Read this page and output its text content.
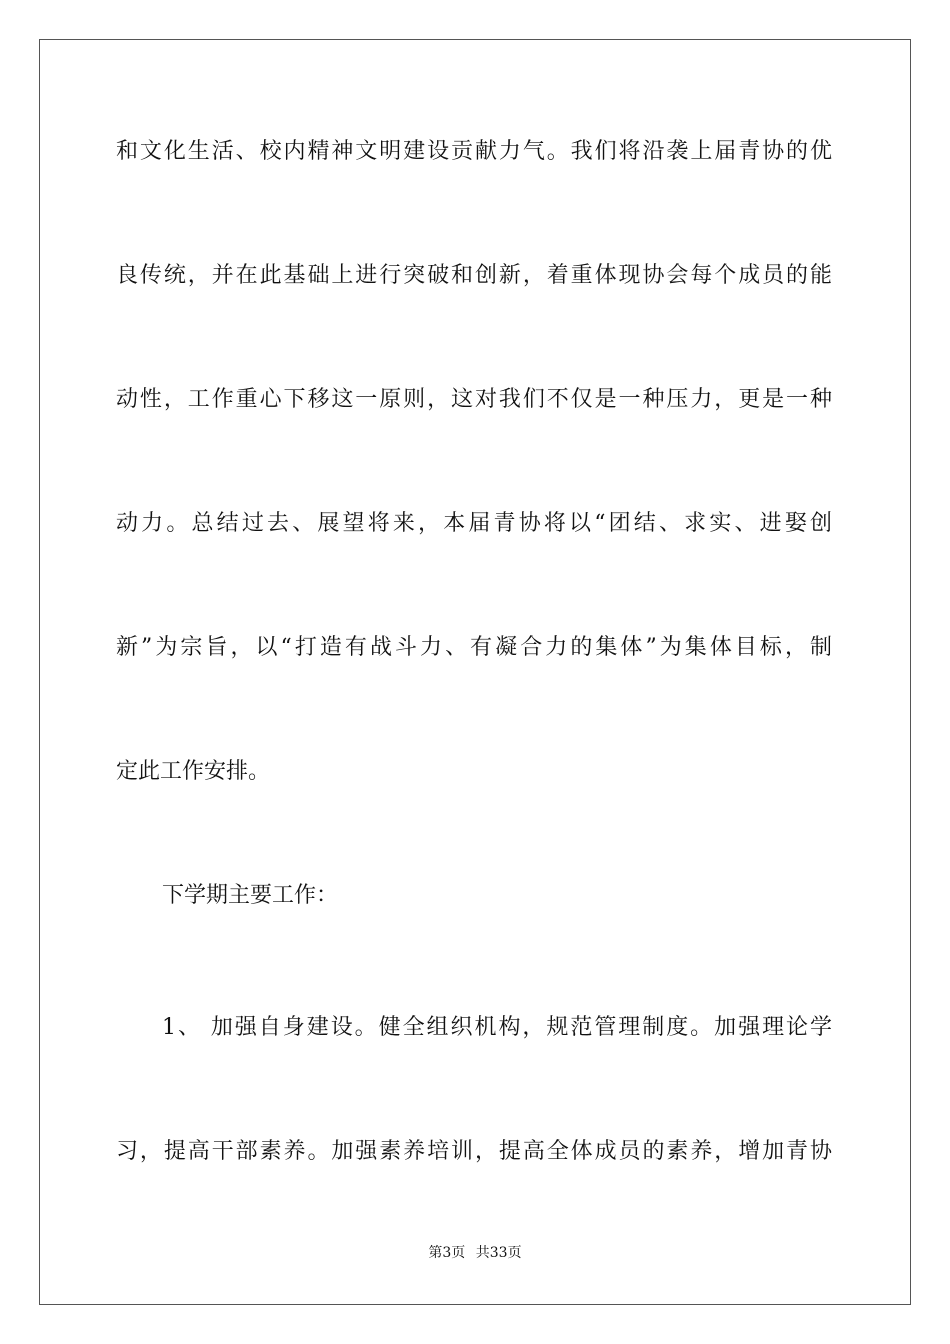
和文化生活、校内精神文明建设贡献力气。我们将沿袭上届青协的优

良传统，并在此基础上进行突破和创新，着重体现协会每个成员的能

动性，工作重心下移这一原则，这对我们不仅是一种压力，更是一种

动力。总结过去、展望将来，本届青协将以“团结、求实、进娶创

新”为宗旨，以“打造有战斗力、有凝合力的集体”为集体目标，制

定此工作安排。

下学期主要工作：

1、 加强自身建设。健全组织机构，规范管理制度。加强理论学

习，提高干部素养。加强素养培训，提高全体成员的素养，增加青协

第3页 共33页
